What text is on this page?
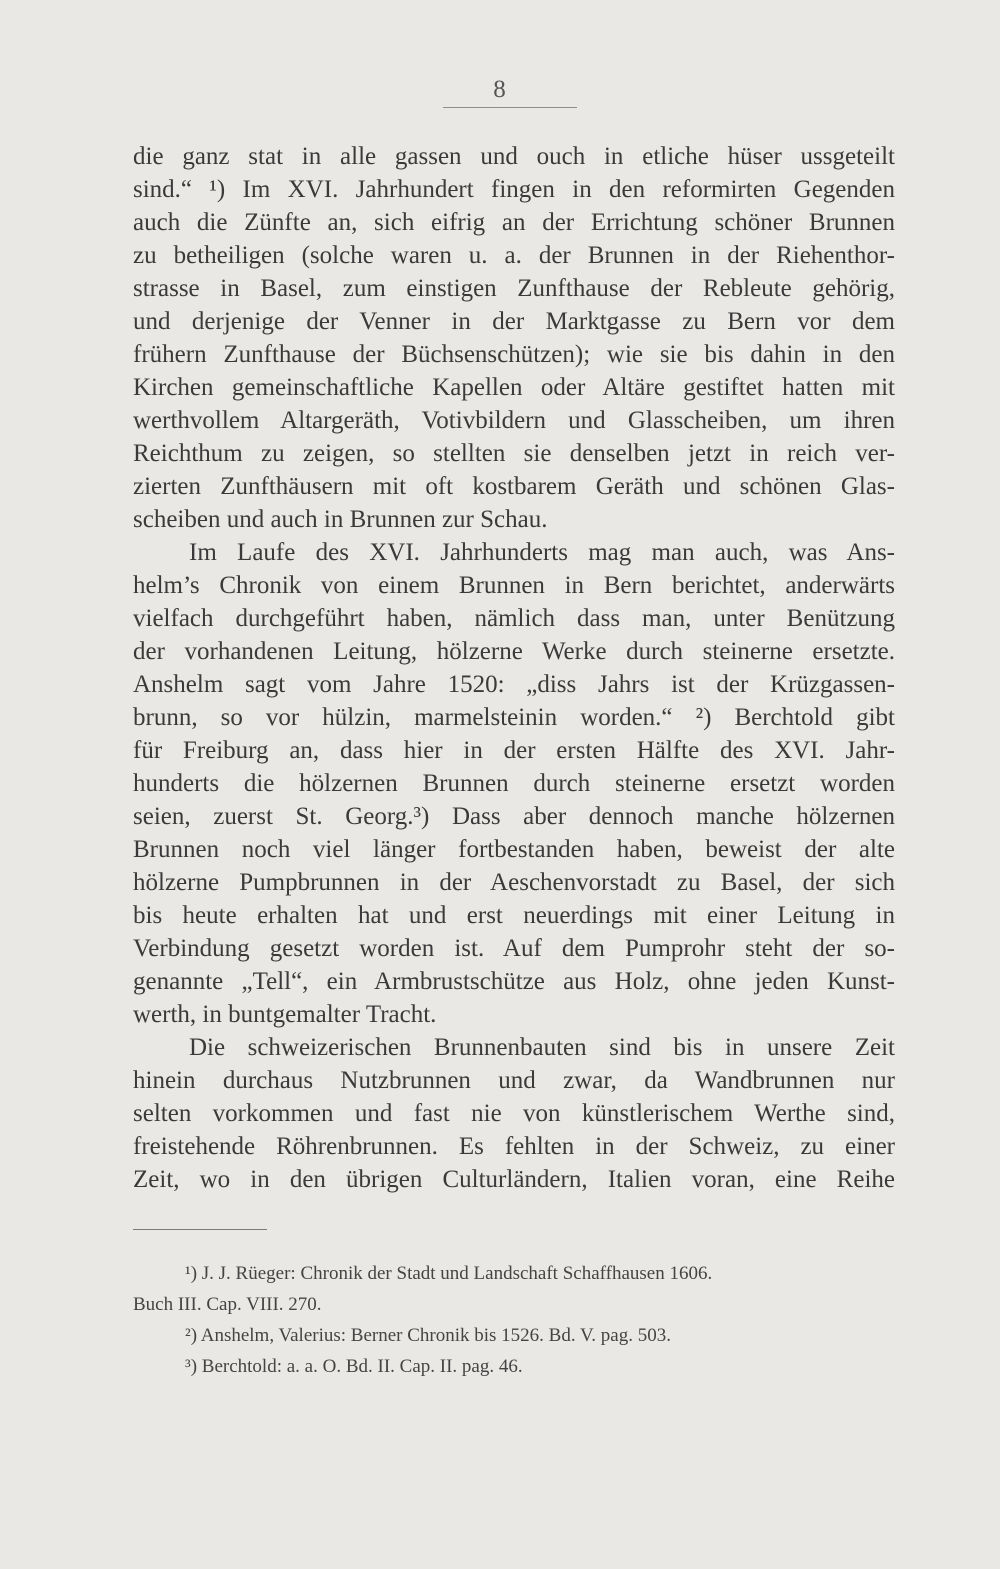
8
die ganz stat in alle gassen und ouch in etliche hüser ussgeteilt
sind.“ ¹) Im XVI. Jahrhundert fingen in den reformirten Gegenden
auch die Zünfte an, sich eifrig an der Errichtung schöner Brunnen
zu betheiligen (solche waren u. a. der Brunnen in der Riehenthor-
strasse in Basel, zum einstigen Zunfthause der Rebleute gehörig,
und derjenige der Venner in der Marktgasse zu Bern vor dem
frühern Zunfthause der Büchsenschützen); wie sie bis dahin in den
Kirchen gemeinschaftliche Kapellen oder Altäre gestiftet hatten mit
werthvollem Altargeräth, Votivbildern und Glasscheiben, um ihren
Reichthum zu zeigen, so stellten sie denselben jetzt in reich ver-
zierten Zunfthäusern mit oft kostbarem Geräth und schönen Glas-
scheiben und auch in Brunnen zur Schau.
Im Laufe des XVI. Jahrhunderts mag man auch, was Ans-
helm’s Chronik von einem Brunnen in Bern berichtet, anderwärts
vielfach durchgeführt haben, nämlich dass man, unter Benützung
der vorhandenen Leitung, hölzerne Werke durch steinerne ersetzte.
Anshelm sagt vom Jahre 1520: „diss Jahrs ist der Krüzgassen-
brunn, so vor hülzin, marmelsteinin worden.“ ²) Berchtold gibt
für Freiburg an, dass hier in der ersten Hälfte des XVI. Jahr-
hunderts die hölzernen Brunnen durch steinerne ersetzt worden
seien, zuerst St. Georg.³) Dass aber dennoch manche hölzernen
Brunnen noch viel länger fortbestanden haben, beweist der alte
hölzerne Pumpbrunnen in der Aeschenvorstadt zu Basel, der sich
bis heute erhalten hat und erst neuerdings mit einer Leitung in
Verbindung gesetzt worden ist. Auf dem Pumprohr steht der so-
genannte „Tell“, ein Armbrustschütze aus Holz, ohne jeden Kunst-
werth, in buntgemalter Tracht.
Die schweizerischen Brunnenbauten sind bis in unsere Zeit
hinein durchaus Nutzbrunnen und zwar, da Wandbrunnen nur
selten vorkommen und fast nie von künstlerischem Werthe sind,
freistehende Röhrenbrunnen. Es fehlten in der Schweiz, zu einer
Zeit, wo in den übrigen Culturländern, Italien voran, eine Reihe
¹) J. J. Rüeger: Chronik der Stadt und Landschaft Schaffhausen 1606.
Buch III. Cap. VIII. 270.
²) Anshelm, Valerius: Berner Chronik bis 1526. Bd. V. pag. 503.
³) Berchtold: a. a. O. Bd. II. Cap. II. pag. 46.
